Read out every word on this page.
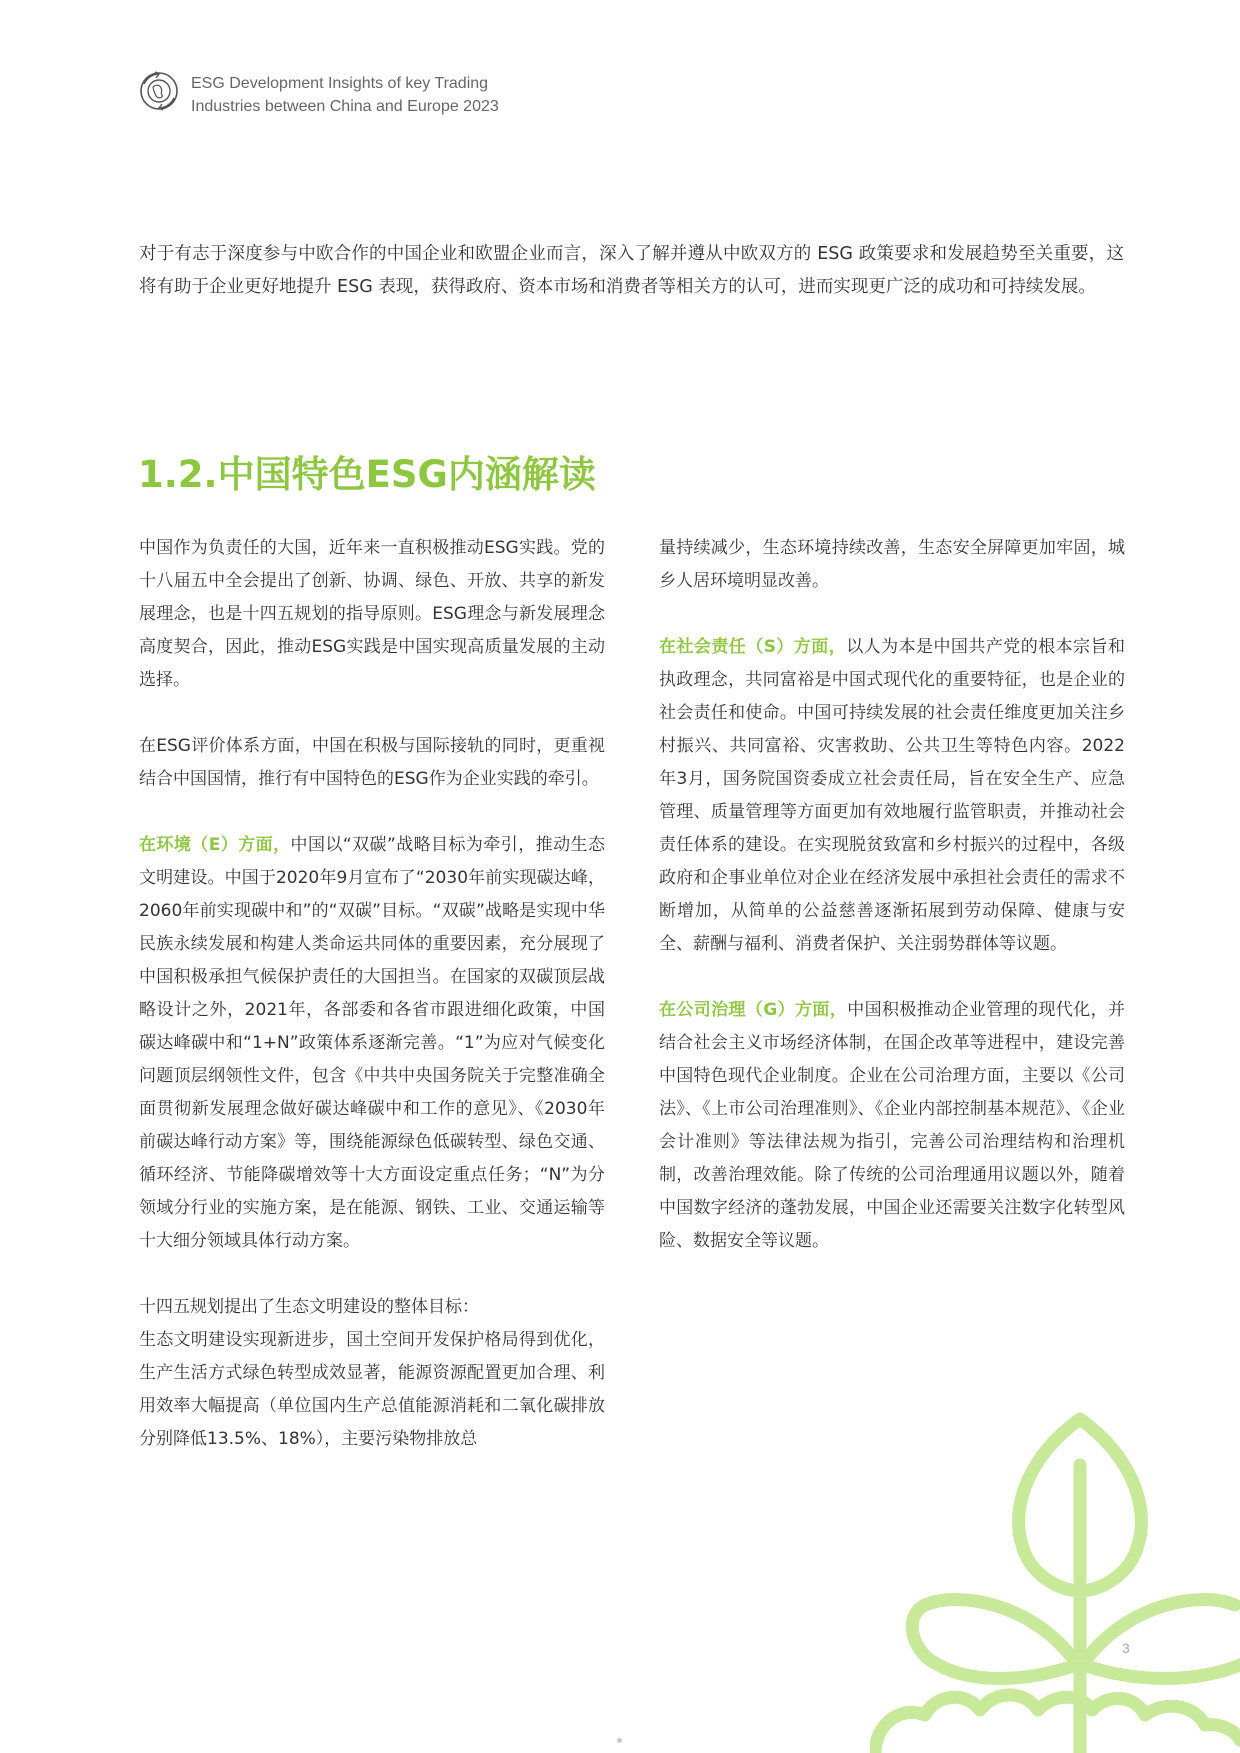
ESG Development Insights of key Trading
Industries between China and Europe 2023

对于有志于深度参与中欧合作的中国企业和欧盟企业而言，深入了解并遵从中欧双方的 ESG 政策要求和发展趋势至关重要，这将有助于企业更好地提升 ESG 表现，获得政府、资本市场和消费者等相关方的认可，进而实现更广泛的成功和可持续发展。

1.2.中国特色ESG内涵解读

中国作为负责任的大国，近年来一直积极推动ESG实践。党的十八届五中全会提出了创新、协调、绿色、开放、共享的新发展理念，也是十四五规划的指导原则。ESG理念与新发展理念高度契合，因此，推动ESG实践是中国实现高质量发展的主动选择。

在ESG评价体系方面，中国在积极与国际接轨的同时，更重视结合中国国情，推行有中国特色的ESG作为企业实践的牵引。

在环境（E）方面，中国以“双碳”战略目标为牵引，推动生态文明建设。中国于2020年9月宣布了“2030年前实现碳达峰，2060年前实现碳中和”的“双碳”目标。“双碳”战略是实现中华民族永续发展和构建人类命运共同体的重要因素，充分展现了中国积极承担气候保护责任的大国担当。在国家的双碳顶层战略设计之外，2021年，各部委和各省市跟进细化政策，中国碳达峰碳中和“1+N”政策体系逐渐完善。“1”为应对气候变化问题顶层纲领性文件，包含《中共中央国务院关于完整准确全面贯彻新发展理念做好碳达峰碳中和工作的意见》、《2030年前碳达峰行动方案》等，围绕能源绿色低碳转型、绿色交通、循环经济、节能降碳增效等十大方面设定重点任务；“N”为分领域分行业的实施方案，是在能源、钢铁、工业、交通运输等十大细分领域具体行动方案。

十四五规划提出了生态文明建设的整体目标：
生态文明建设实现新进步，国土空间开发保护格局得到优化，生产生活方式绿色转型成效显著，能源资源配置更加合理、利用效率大幅提高（单位国内生产总值能源消耗和二氧化碳排放分别降低13.5%、18%），主要污染物排放总

量持续减少，生态环境持续改善，生态安全屏障更加牢固，城乡人居环境明显改善。

在社会责任（S）方面，以人为本是中国共产党的根本宗旨和执政理念，共同富裕是中国式现代化的重要特征，也是企业的社会责任和使命。中国可持续发展的社会责任维度更加关注乡村振兴、共同富裕、灾害救助、公共卫生等特色内容。2022年3月，国务院国资委成立社会责任局，旨在安全生产、应急管理、质量管理等方面更加有效地履行监管职责，并推动社会责任体系的建设。在实现脱贫致富和乡村振兴的过程中，各级政府和企事业单位对企业在经济发展中承担社会责任的需求不断增加，从简单的公益慈善逐渐拓展到劳动保障、健康与安全、薪酬与福利、消费者保护、关注弱势群体等议题。

在公司治理（G）方面，中国积极推动企业管理的现代化，并结合社会主义市场经济体制，在国企改革等进程中，建设完善中国特色现代企业制度。企业在公司治理方面，主要以《公司法》、《上市公司治理准则》、《企业内部控制基本规范》、《企业会计准则》等法律法规为指引，完善公司治理结构和治理机制，改善治理效能。除了传统的公司治理通用议题以外，随着中国数字经济的蓬勃发展，中国企业还需要关注数字化转型风险、数据安全等议题。

3
